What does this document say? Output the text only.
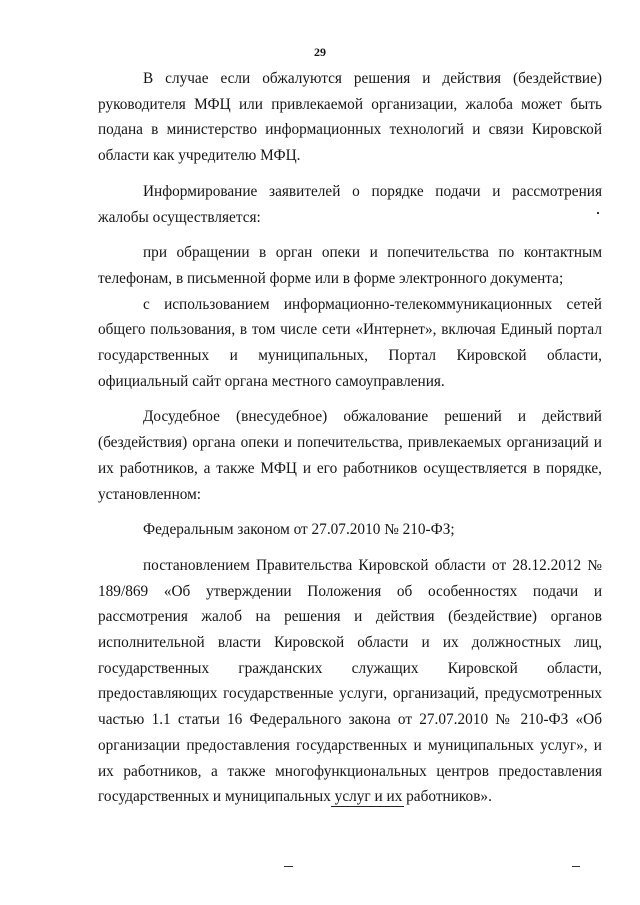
29

В случае если обжалуются решения и действия (бездействие) руководителя МФЦ или привлекаемой организации, жалоба может быть подана в министерство информационных технологий и связи Кировской области как учредителю МФЦ.

Информирование заявителей о порядке подачи и рассмотрения жалобы осуществляется:

при обращении в орган опеки и попечительства по контактным телефонам, в письменной форме или в форме электронного документа;

с использованием информационно-телекоммуникационных сетей общего пользования, в том числе сети «Интернет», включая Единый портал государственных и муниципальных, Портал Кировской области, официальный сайт органа местного самоуправления.

Досудебное (внесудебное) обжалование решений и действий (бездействия) органа опеки и попечительства, привлекаемых организаций и их работников, а также МФЦ и его работников осуществляется в порядке, установленном:

Федеральным законом от 27.07.2010 № 210-ФЗ;

постановлением Правительства Кировской области от 28.12.2012 № 189/869 «Об утверждении Положения об особенностях подачи и рассмотрения жалоб на решения и действия (бездействие) органов исполнительной власти Кировской области и их должностных лиц, государственных гражданских служащих Кировской области, предоставляющих государственные услуги, организаций, предусмотренных частью 1.1 статьи 16 Федерального закона от 27.07.2010 № 210-ФЗ «Об организации предоставления государственных и муниципальных услуг», и их работников, а также многофункциональных центров предоставления государственных и муниципальных услуг и их работников».
